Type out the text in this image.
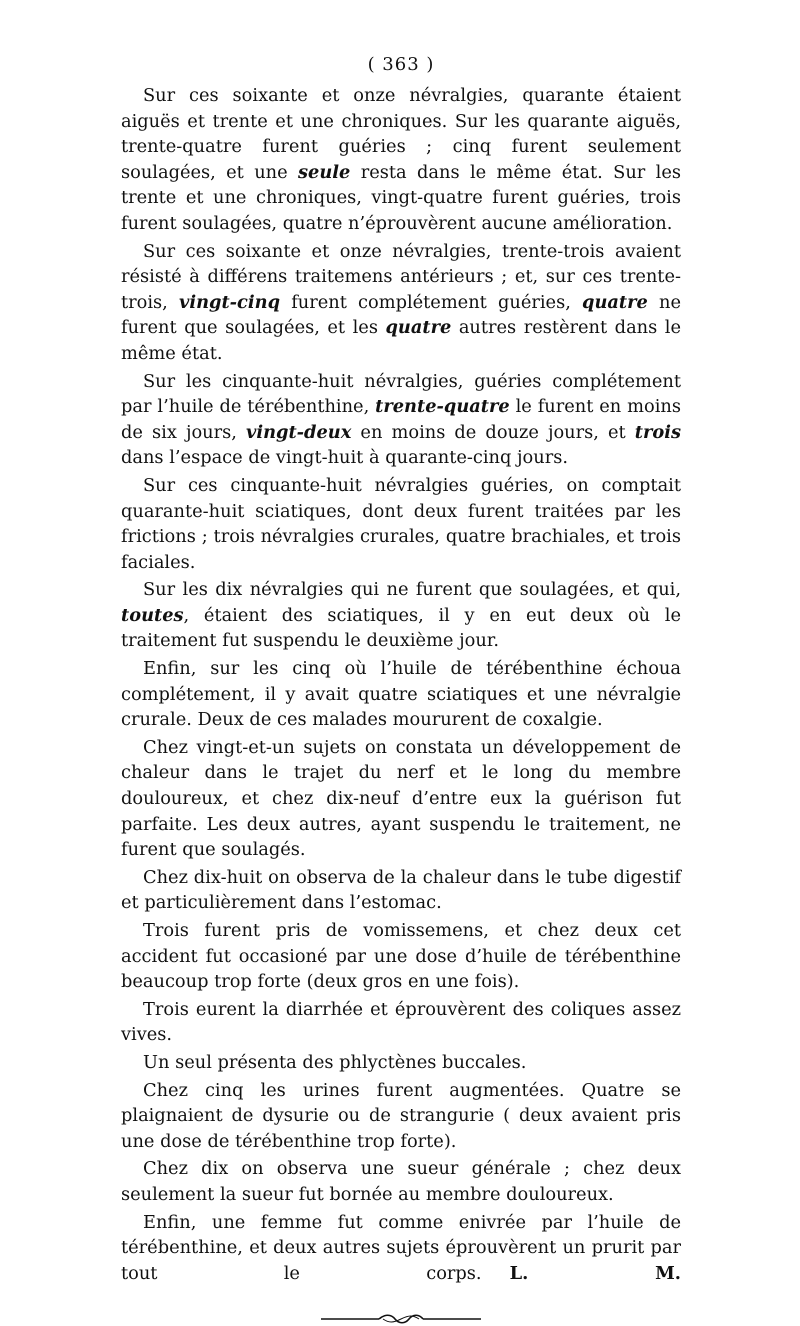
( 363 )

Sur ces soixante et onze névralgies, quarante étaient aiguës et trente et une chroniques. Sur les quarante aiguës, trente-quatre furent guéries ; cinq furent seulement soulagées, et une seule resta dans le même état. Sur les trente et une chroniques, vingt-quatre furent guéries, trois furent soulagées, quatre n’éprouvèrent aucune amélioration.

Sur ces soixante et onze névralgies, trente-trois avaient résisté à différens traitemens antérieurs ; et, sur ces trente-trois, vingt-cinq furent complétement guéries, quatre ne furent que soulagées, et les quatre autres restèrent dans le même état.

Sur les cinquante-huit névralgies, guéries complétement par l’huile de térébenthine, trente-quatre le furent en moins de six jours, vingt-deux en moins de douze jours, et trois dans l’espace de vingt-huit à quarante-cinq jours.

Sur ces cinquante-huit névralgies guéries, on comptait quarante-huit sciatiques, dont deux furent traitées par les frictions ; trois névralgies crurales, quatre brachiales, et trois faciales.

Sur les dix névralgies qui ne furent que soulagées, et qui, toutes, étaient des sciatiques, il y en eut deux où le traitement fut suspendu le deuxième jour.

Enfin, sur les cinq où l’huile de térébenthine échoua complétement, il y avait quatre sciatiques et une névralgie crurale. Deux de ces malades moururent de coxalgie.

Chez vingt-et-un sujets on constata un développement de chaleur dans le trajet du nerf et le long du membre douloureux, et chez dix-neuf d’entre eux la guérison fut parfaite. Les deux autres, ayant suspendu le traitement, ne furent que soulagés.

Chez dix-huit on observa de la chaleur dans le tube digestif et particulièrement dans l’estomac.

Trois furent pris de vomissemens, et chez deux cet accident fut occasioné par une dose d’huile de térébenthine beaucoup trop forte (deux gros en une fois).

Trois eurent la diarrhée et éprouvèrent des coliques assez vives.

Un seul présenta des phlyctènes buccales.

Chez cinq les urines furent augmentées. Quatre se plaignaient de dysurie ou de strangurie ( deux avaient pris une dose de térébenthine trop forte).

Chez dix on observa une sueur générale ; chez deux seulement la sueur fut bornée au membre douloureux.

Enfin, une femme fut comme enivrée par l’huile de térébenthine, et deux autres sujets éprouvèrent un prurit par tout le corps. L. M.
